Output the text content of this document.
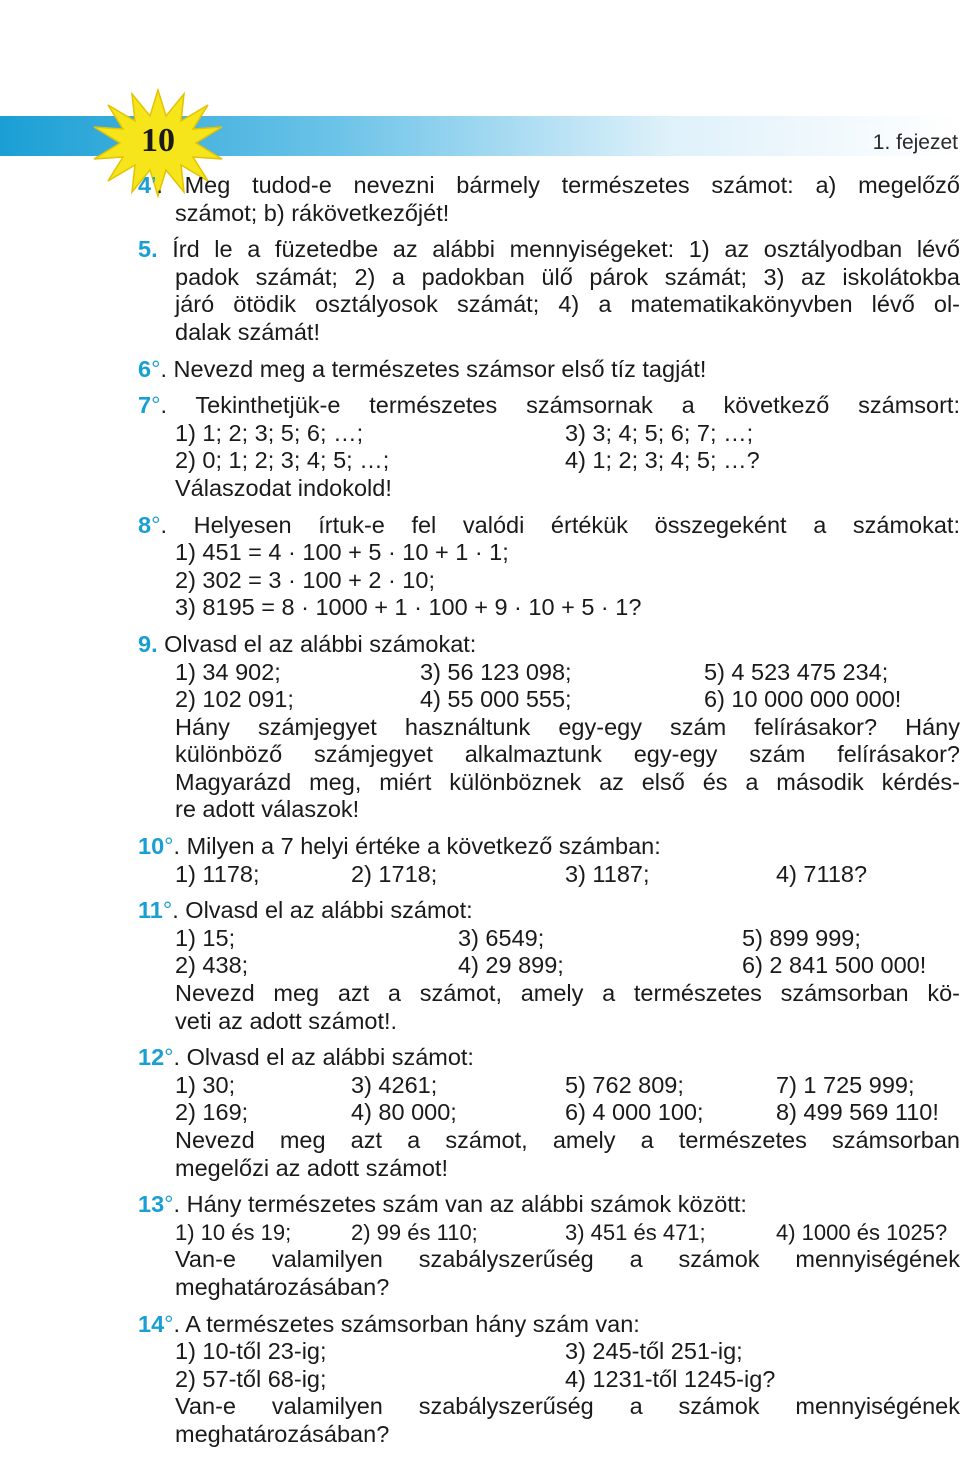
10	1. fejezet
4’. Meg tudod-e nevezni bármely természetes számot: a) megelőző
számot; b) rákövetkezőjét!
5. Írd le a füzetedbe az alábbi mennyiségeket: 1) az osztályodban lévő
padok számát; 2) a padokban ülő párok számát; 3) az iskolátokba
járó ötödik osztályosok számát; 4) a matematikakönyvben lévő ol-
dalak számát!
6°. Nevezd meg a természetes számsor első tíz tagját!
7°. Tekinthetjük-e természetes számsornak a következő számsort:
1) 1; 2; 3; 5; 6; …;	3) 3; 4; 5; 6; 7; …;
2) 0; 1; 2; 3; 4; 5; …;	4) 1; 2; 3; 4; 5; …?
Válaszodat indokold!
8°. Helyesen írtuk-e fel valódi értékük összegeként a számokat:
1) 451 = 4 · 100 + 5 · 10 + 1 · 1;
2) 302 = 3 · 100 + 2 · 10;
3) 8195 = 8 · 1000 + 1 · 100 + 9 · 10 + 5 · 1?
9. Olvasd el az alábbi számokat:
1) 34 902;	3) 56 123 098;	5) 4 523 475 234;
2) 102 091;	4) 55 000 555;	6) 10 000 000 000!
Hány számjegyet használtunk egy-egy szám felírásakor? Hány
különböző számjegyet alkalmaztunk egy-egy szám felírásakor?
Magyarázd meg, miért különböznek az első és a második kérdés-
re adott válaszok!
10°. Milyen a 7 helyi értéke a következő számban:
1) 1178;	2) 1718;	3) 1187;	4) 7118?
11°. Olvasd el az alábbi számot:
1) 15;	3) 6549;	5) 899 999;
2) 438;	4) 29 899;	6) 2 841 500 000!
Nevezd meg azt a számot, amely a természetes számsorban kö-
veti az adott számot!.
12°. Olvasd el az alábbi számot:
1) 30;	3) 4261;	5) 762 809;	7) 1 725 999;
2) 169;	4) 80 000;	6) 4 000 100;	8) 499 569 110!
Nevezd meg azt a számot, amely a természetes számsorban
megelőzi az adott számot!
13°. Hány természetes szám van az alábbi számok között:
1) 10 és 19;	2) 99 és 110;	3) 451 és 471;	4) 1000 és 1025?
Van-e valamilyen szabályszerűség a számok mennyiségének
meghatározásában?
14°. A természetes számsorban hány szám van:
1) 10-től 23-ig;	3) 245-től 251-ig;
2) 57-től 68-ig;	4) 1231-től 1245-ig?
Van-e valamilyen szabályszerűség a számok mennyiségének
meghatározásában?
